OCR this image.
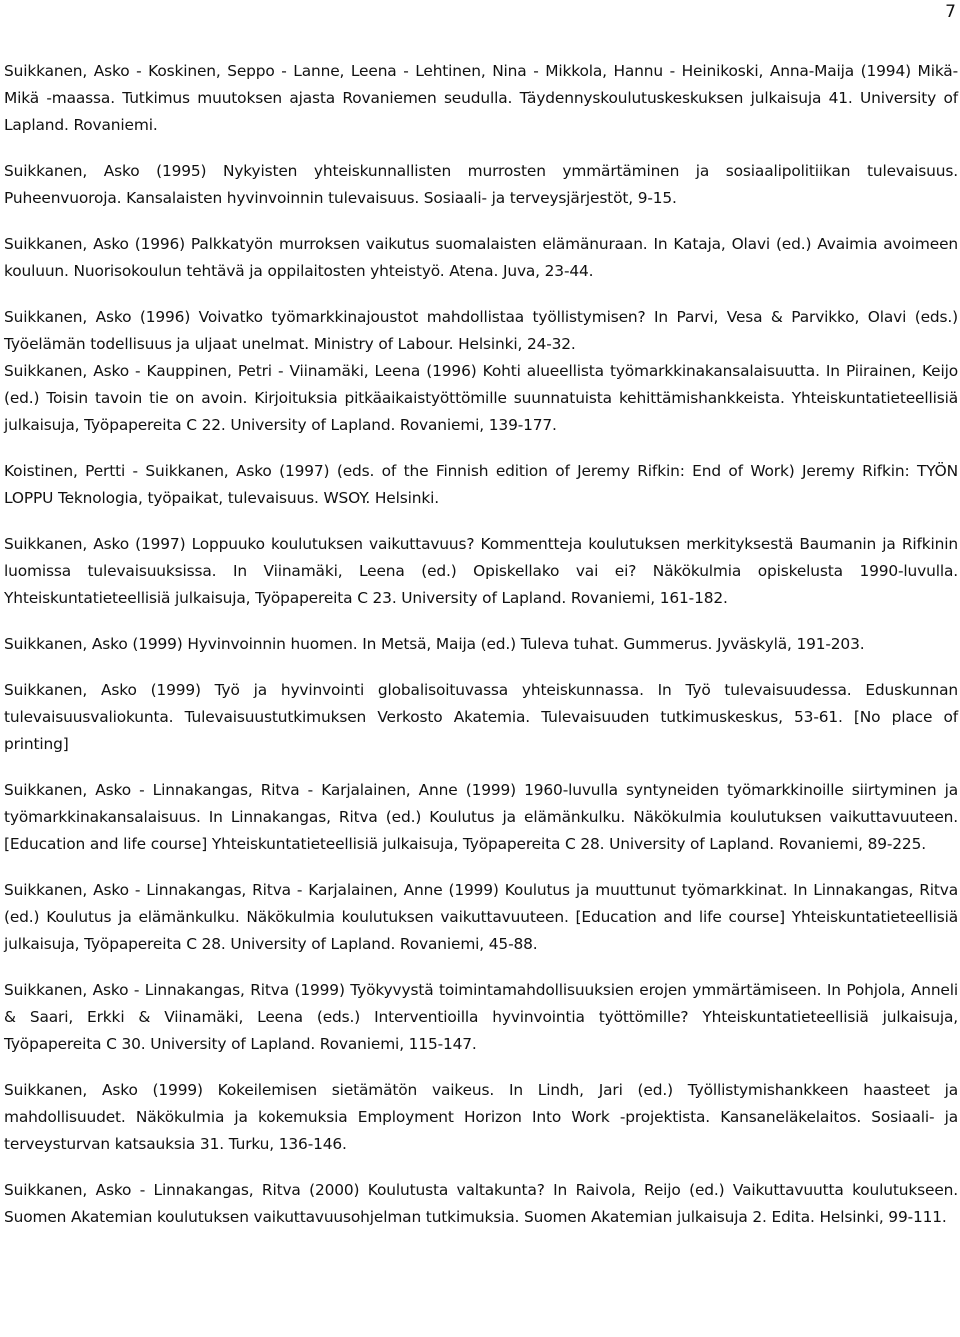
7

Suikkanen, Asko - Koskinen, Seppo - Lanne, Leena - Lehtinen, Nina - Mikkola, Hannu - Heinikoski, Anna-Maija (1994) Mikä-Mikä -maassa. Tutkimus muutoksen ajasta Rovaniemen seudulla. Täydennyskoulutuskeskuksen julkaisuja 41. University of Lapland. Rovaniemi.

Suikkanen, Asko (1995) Nykyisten yhteiskunnallisten murrosten ymmärtäminen ja sosiaalipolitiikan tulevaisuus. Puheenvuoroja. Kansalaisten hyvinvoinnin tulevaisuus. Sosiaali- ja terveysjärjestöt, 9-15.

Suikkanen, Asko (1996) Palkkatyön murroksen vaikutus suomalaisten elämänuraan. In Kataja, Olavi (ed.) Avaimia avoimeen kouluun. Nuorisokoulun tehtävä ja oppilaitosten yhteistyö. Atena. Juva, 23-44.

Suikkanen, Asko (1996) Voivatko työmarkkinajoustot mahdollistaa työllistymisen? In Parvi, Vesa & Parvikko, Olavi (eds.) Työelämän todellisuus ja uljaat unelmat. Ministry of Labour. Helsinki, 24-32.

Suikkanen, Asko - Kauppinen, Petri - Viinamäki, Leena (1996) Kohti alueellista työmarkkinakansalaisuutta. In Piirainen, Keijo (ed.) Toisin tavoin tie on avoin. Kirjoituksia pitkäaikaistyöttömille suunnatuista kehittämishankkeista. Yhteiskuntatieteellisiä julkaisuja, Työpapereita C 22. University of Lapland. Rovaniemi, 139-177.

Koistinen, Pertti - Suikkanen, Asko (1997) (eds. of the Finnish edition of Jeremy Rifkin: End of Work) Jeremy Rifkin: TYÖN LOPPU Teknologia, työpaikat, tulevaisuus. WSOY. Helsinki.

Suikkanen, Asko (1997) Loppuuko koulutuksen vaikuttavuus? Kommentteja koulutuksen merkityksestä Baumanin ja Rifkinin luomissa tulevaisuuksissa. In Viinamäki, Leena (ed.) Opiskellako vai ei? Näkökulmia opiskelusta 1990-luvulla. Yhteiskuntatieteellisiä julkaisuja, Työpapereita C 23. University of Lapland. Rovaniemi, 161-182.

Suikkanen, Asko (1999) Hyvinvoinnin huomen. In Metsä, Maija (ed.) Tuleva tuhat. Gummerus. Jyväskylä, 191-203.

Suikkanen, Asko (1999) Työ ja hyvinvointi globalisoituvassa yhteiskunnassa. In Työ tulevaisuudessa. Eduskunnan tulevaisuusvaliokunta. Tulevaisuustutkimuksen Verkosto Akatemia. Tulevaisuuden tutkimuskeskus, 53-61. [No place of printing]

Suikkanen, Asko - Linnakangas, Ritva - Karjalainen, Anne (1999) 1960-luvulla syntyneiden työmarkkinoille siirtyminen ja työmarkkinakansalaisuus. In Linnakangas, Ritva (ed.) Koulutus ja elämänkulku. Näkökulmia koulutuksen vaikuttavuuteen. [Education and life course] Yhteiskuntatieteellisiä julkaisuja, Työpapereita C 28. University of Lapland. Rovaniemi, 89-225.

Suikkanen, Asko - Linnakangas, Ritva - Karjalainen, Anne (1999) Koulutus ja muuttunut työmarkkinat. In Linnakangas, Ritva (ed.) Koulutus ja elämänkulku. Näkökulmia koulutuksen vaikuttavuuteen. [Education and life course] Yhteiskuntatieteellisiä julkaisuja, Työpapereita C 28. University of Lapland. Rovaniemi, 45-88.

Suikkanen, Asko - Linnakangas, Ritva (1999) Työkyvystä toimintamahdollisuuksien erojen ymmärtämiseen. In Pohjola, Anneli & Saari, Erkki & Viinamäki, Leena (eds.) Interventioilla hyvinvointia työttömille? Yhteiskuntatieteellisiä julkaisuja, Työpapereita C 30. University of Lapland. Rovaniemi, 115-147.

Suikkanen, Asko (1999) Kokeilemisen sietämätön vaikeus. In Lindh, Jari (ed.) Työllistymishankkeen haasteet ja mahdollisuudet. Näkökulmia ja kokemuksia Employment Horizon Into Work -projektista. Kansaneläkelaitos. Sosiaali- ja terveysturvan katsauksia 31. Turku, 136-146.

Suikkanen, Asko - Linnakangas, Ritva (2000) Koulutusta valtakunta? In Raivola, Reijo (ed.) Vaikuttavuutta koulutukseen. Suomen Akatemian koulutuksen vaikuttavuusohjelman tutkimuksia. Suomen Akatemian julkaisuja 2. Edita. Helsinki, 99-111.
